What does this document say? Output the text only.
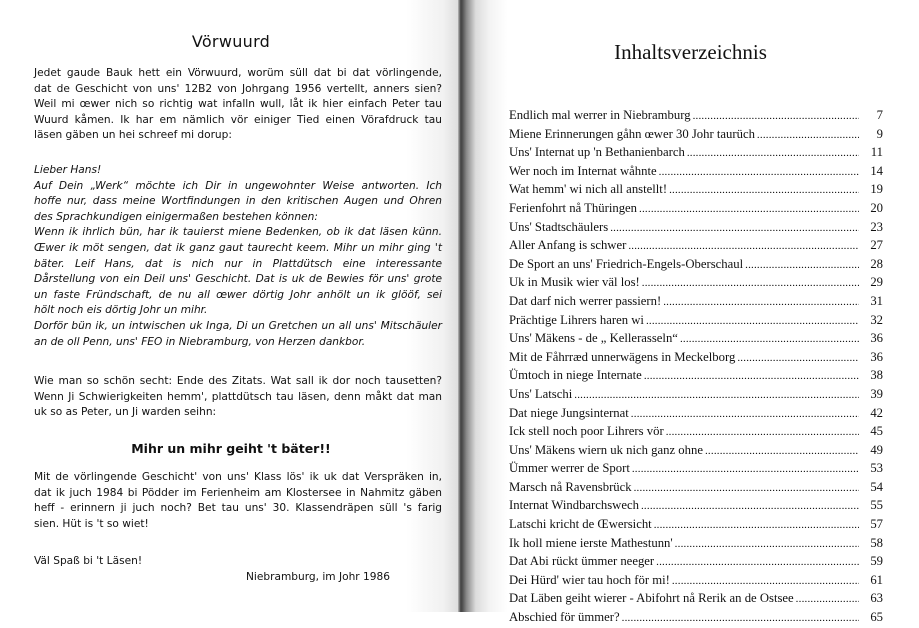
Vörwuurd
Jedet gaude Bauk hett ein Vörwuurd, worüm süll dat bi dat vörlingende,
dat de Geschicht von uns' 12B2 von Johrgang 1956 vertellt, anners sien?
Weil mi œwer nich so richtig wat infalln wull, låt ik hier einfach Peter tau
Wuurd kåmen. Ik har em nämlich vör einiger Tied einen Vörafdruck tau
läsen gäben un hei schreef mi dorup:
Lieber Hans!
Auf Dein „Werk“ möchte ich Dir in ungewohnter Weise antworten. Ich
hoffe nur, dass meine Wortfindungen in den kritischen Augen und Ohren
des Sprachkundigen einigermaßen bestehen können:
Wenn ik ihrlich bün, har ik tauierst miene Bedenken, ob ik dat läsen künn.
Œwer ik möt sengen, dat ik ganz gaut taurecht keem. Mihr un mihr ging 't
bäter. Leif Hans, dat is nich nur in Plattdütsch eine interessante
Dårstellung von ein Deil uns' Geschicht. Dat is uk de Bewies för uns' grote
un faste Fründschaft, de nu all œwer dörtig Johr anhölt un ik glööf, sei
hölt noch eis dörtig Johr un mihr.
Dorför bün ik, un intwischen uk Inga, Di un Gretchen un all uns' Mitschäuler
an de oll Penn, uns' FEO in Niebramburg, von Herzen dankbor.
Wie man so schön secht: Ende des Zitats. Wat sall ik dor noch tausetten?
Wenn Ji Schwierigkeiten hemm', plattdütsch tau läsen, denn måkt dat man
uk so as Peter, un Ji warden seihn:
Mihr un mihr geiht 't bäter!!
Mit de vörlingende Geschicht' von uns' Klass lös' ik uk dat Verspräken in,
dat ik juch 1984 bi Pödder im Ferienheim am Klostersee in Nahmitz gäben
heff - erinnern ji juch noch? Bet tau uns' 30. Klassendräpen süll 's farig
sien. Hüt is 't so wiet!
Väl Spaß bi 't Läsen!
Niebramburg, im Johr 1986
Inhaltsverzeichnis
Endlich mal werrer in Niebramburg .....	7
Miene Erinnerungen gåhn œwer 30 Johr taurüch .....	9
Uns' Internat up 'n Bethanienbarch .....	11
Wer noch im Internat wåhnte .....	14
Wat hemm' wi nich all anstellt! .....	19
Ferienfohrt nå Thüringen .....	20
Uns' Stadtschäulers .....	23
Aller Anfang is schwer .....	27
De Sport an uns' Friedrich-Engels-Oberschaul .....	28
Uk in Musik wier väl los! .....	29
Dat darf nich werrer passiern! .....	31
Prächtige Lihrers haren wi .....	32
Uns' Mäkens - de „ Kellerasseln“ .....	36
Mit de Fåhrræd unnerwägens in Meckelborg .....	36
Ümtoch in niege Internate .....	38
Uns' Latschi .....	39
Dat niege Jungsinternat .....	42
Ick stell noch poor Lihrers vör .....	45
Uns' Mäkens wiern uk nich ganz ohne .....	49
Ümmer werrer de Sport .....	53
Marsch nå Ravensbrück .....	54
Internat Windbarchswech .....	55
Latschi kricht de Œwersicht .....	57
Ik holl miene ierste Mathestunn' .....	58
Dat Abi rückt ümmer neeger .....	59
Dei Hürd' wier tau hoch för mi! .....	61
Dat Läben geiht wierer - Abifohrt nå Rerik an de Ostsee .....	63
Abschied för ümmer? .....	65
